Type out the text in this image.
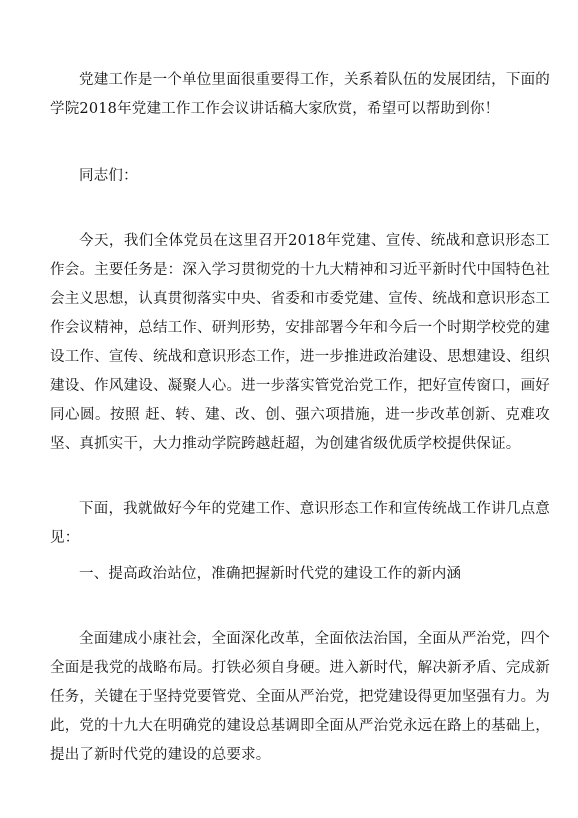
党建工作是一个单位里面很重要得工作，关系着队伍的发展团结，下面的学院2018年党建工作工作会议讲话稿大家欣赏，希望可以帮助到你！

同志们：

今天，我们全体党员在这里召开2018年党建、宣传、统战和意识形态工作会。主要任务是：深入学习贯彻党的十九大精神和习近平新时代中国特色社会主义思想，认真贯彻落实中央、省委和市委党建、宣传、统战和意识形态工作会议精神，总结工作、研判形势，安排部署今年和今后一个时期学校党的建设工作、宣传、统战和意识形态工作，进一步推进政治建设、思想建设、组织建设、作风建设、凝聚人心。进一步落实管党治党工作，把好宣传窗口，画好同心圆。按照 赶、转、建、改、创、强六项措施，进一步改革创新、克难攻坚、真抓实干，大力推动学院跨越赶超，为创建省级优质学校提供保证。

下面，我就做好今年的党建工作、意识形态工作和宣传统战工作讲几点意见：

一、提高政治站位，准确把握新时代党的建设工作的新内涵

全面建成小康社会，全面深化改革，全面依法治国，全面从严治党，四个全面是我党的战略布局。打铁必须自身硬。进入新时代，解决新矛盾、完成新任务，关键在于坚持党要管党、全面从严治党，把党建设得更加坚强有力。为此，党的十九大在明确党的建设总基调即全面从严治党永远在路上的基础上，提出了新时代党的建设的总要求。
